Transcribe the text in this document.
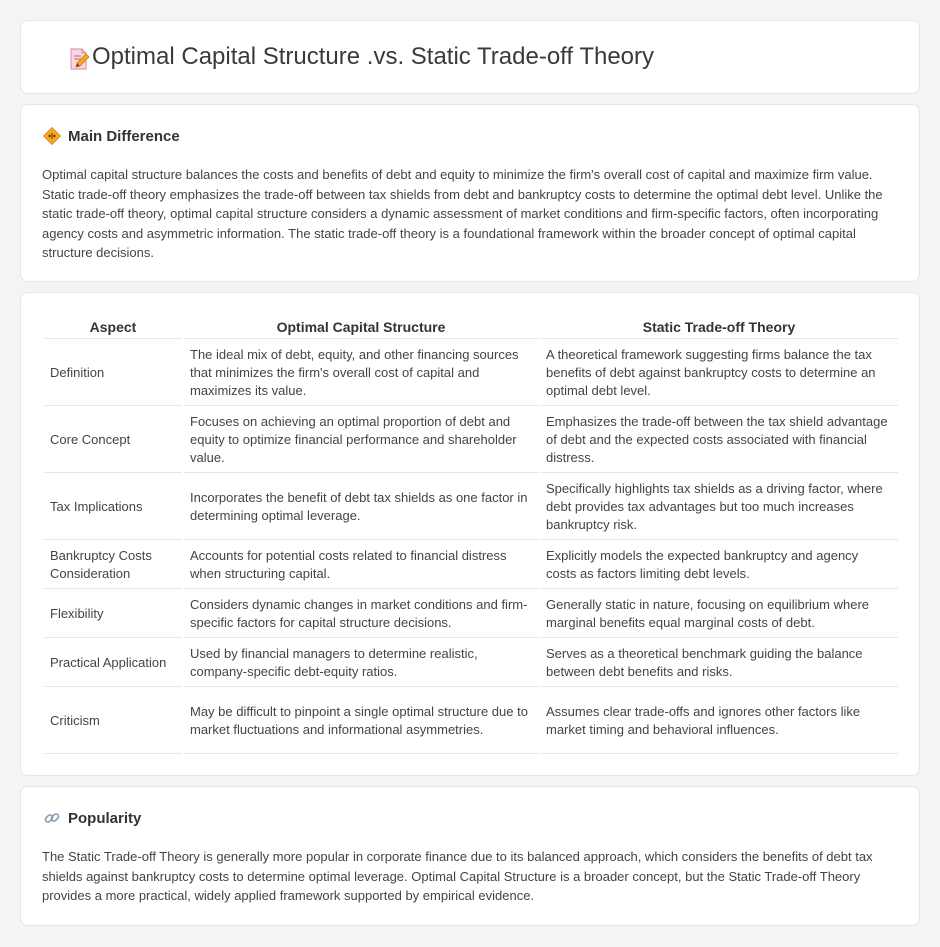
Optimal Capital Structure .vs. Static Trade-off Theory
Main Difference

Optimal capital structure balances the costs and benefits of debt and equity to minimize the firm's overall cost of capital and maximize firm value. Static trade-off theory emphasizes the trade-off between tax shields from debt and bankruptcy costs to determine the optimal debt level. Unlike the static trade-off theory, optimal capital structure considers a dynamic assessment of market conditions and firm-specific factors, often incorporating agency costs and asymmetric information. The static trade-off theory is a foundational framework within the broader concept of optimal capital structure decisions.

Aspect	Optimal Capital Structure	Static Trade-off Theory
Definition	The ideal mix of debt, equity, and other financing sources that minimizes the firm's overall cost of capital and maximizes its value.	A theoretical framework suggesting firms balance the tax benefits of debt against bankruptcy costs to determine an optimal debt level.
Core Concept	Focuses on achieving an optimal proportion of debt and equity to optimize financial performance and shareholder value.	Emphasizes the trade-off between the tax shield advantage of debt and the expected costs associated with financial distress.
Tax Implications	Incorporates the benefit of debt tax shields as one factor in determining optimal leverage.	Specifically highlights tax shields as a driving factor, where debt provides tax advantages but too much increases bankruptcy risk.
Bankruptcy Costs Consideration	Accounts for potential costs related to financial distress when structuring capital.	Explicitly models the expected bankruptcy and agency costs as factors limiting debt levels.
Flexibility	Considers dynamic changes in market conditions and firm-specific factors for capital structure decisions.	Generally static in nature, focusing on equilibrium where marginal benefits equal marginal costs of debt.
Practical Application	Used by financial managers to determine realistic, company-specific debt-equity ratios.	Serves as a theoretical benchmark guiding the balance between debt benefits and risks.
Criticism	May be difficult to pinpoint a single optimal structure due to market fluctuations and informational asymmetries.	Assumes clear trade-offs and ignores other factors like market timing and behavioral influences.
Popularity

The Static Trade-off Theory is generally more popular in corporate finance due to its balanced approach, which considers the benefits of debt tax shields against bankruptcy costs to determine optimal leverage. Optimal Capital Structure is a broader concept, but the Static Trade-off Theory provides a more practical, widely applied framework supported by empirical evidence.
